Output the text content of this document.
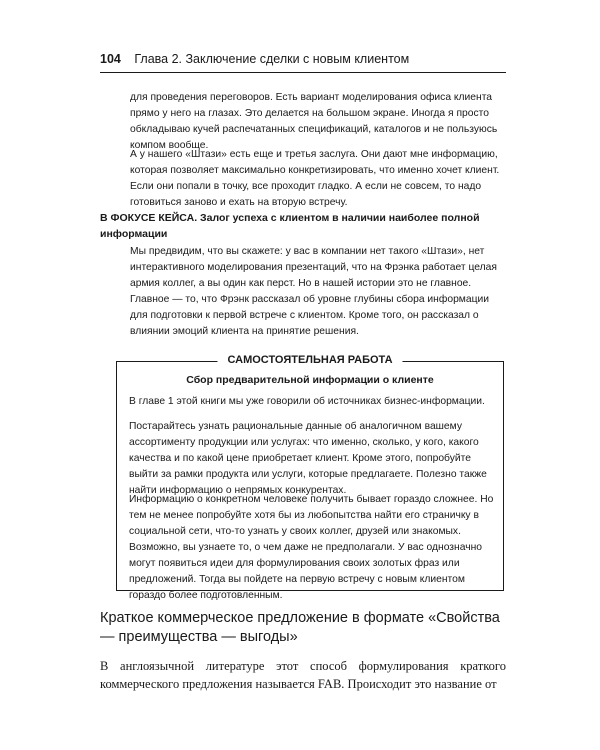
104 Глава 2. Заключение сделки с новым клиентом

для проведения переговоров. Есть вариант моделирования офиса клиента прямо у него на глазах. Это делается на большом экране. Иногда я просто обкладываю кучей распечатанных спецификаций, каталогов и не пользуюсь компом вообще.

А у нашего «Штази» есть еще и третья заслуга. Они дают мне информацию, которая позволяет максимально конкретизировать, что именно хочет клиент. Если они попали в точку, все проходит гладко. А если не совсем, то надо готовиться заново и ехать на вторую встречу.

В ФОКУСЕ КЕЙСА. Залог успеха с клиентом в наличии наиболее полной информации

Мы предвидим, что вы скажете: у вас в компании нет такого «Штази», нет интерактивного моделирования презентаций, что на Фрэнка работает целая армия коллег, а вы один как перст. Но в нашей истории это не главное. Главное — то, что Фрэнк рассказал об уровне глубины сбора информации для подготовки к первой встрече с клиентом. Кроме того, он рассказал о влиянии эмоций клиента на принятие решения.

САМОСТОЯТЕЛЬНАЯ РАБОТА
Сбор предварительной информации о клиенте

В главе 1 этой книги мы уже говорили об источниках бизнес-информации.

Постарайтесь узнать рациональные данные об аналогичном вашему ассортименту продукции или услугах: что именно, сколько, у кого, какого качества и по какой цене приобретает клиент. Кроме этого, попробуйте выйти за рамки продукта или услуги, которые предлагаете. Полезно также найти информацию о непрямых конкурентах.

Информацию о конкретном человеке получить бывает гораздо сложнее. Но тем не менее попробуйте хотя бы из любопытства найти его страничку в социальной сети, что-то узнать у своих коллег, друзей или знакомых. Возможно, вы узнаете то, о чем даже не предполагали. У вас однозначно могут появиться идеи для формулирования своих золотых фраз или предложений. Тогда вы пойдете на первую встречу с новым клиентом гораздо более подготовленным.

Краткое коммерческое предложение в формате «Свойства — преимущества — выгоды»

В англоязычной литературе этот способ формулирования краткого коммерческого предложения называется FAB. Происходит это название от
